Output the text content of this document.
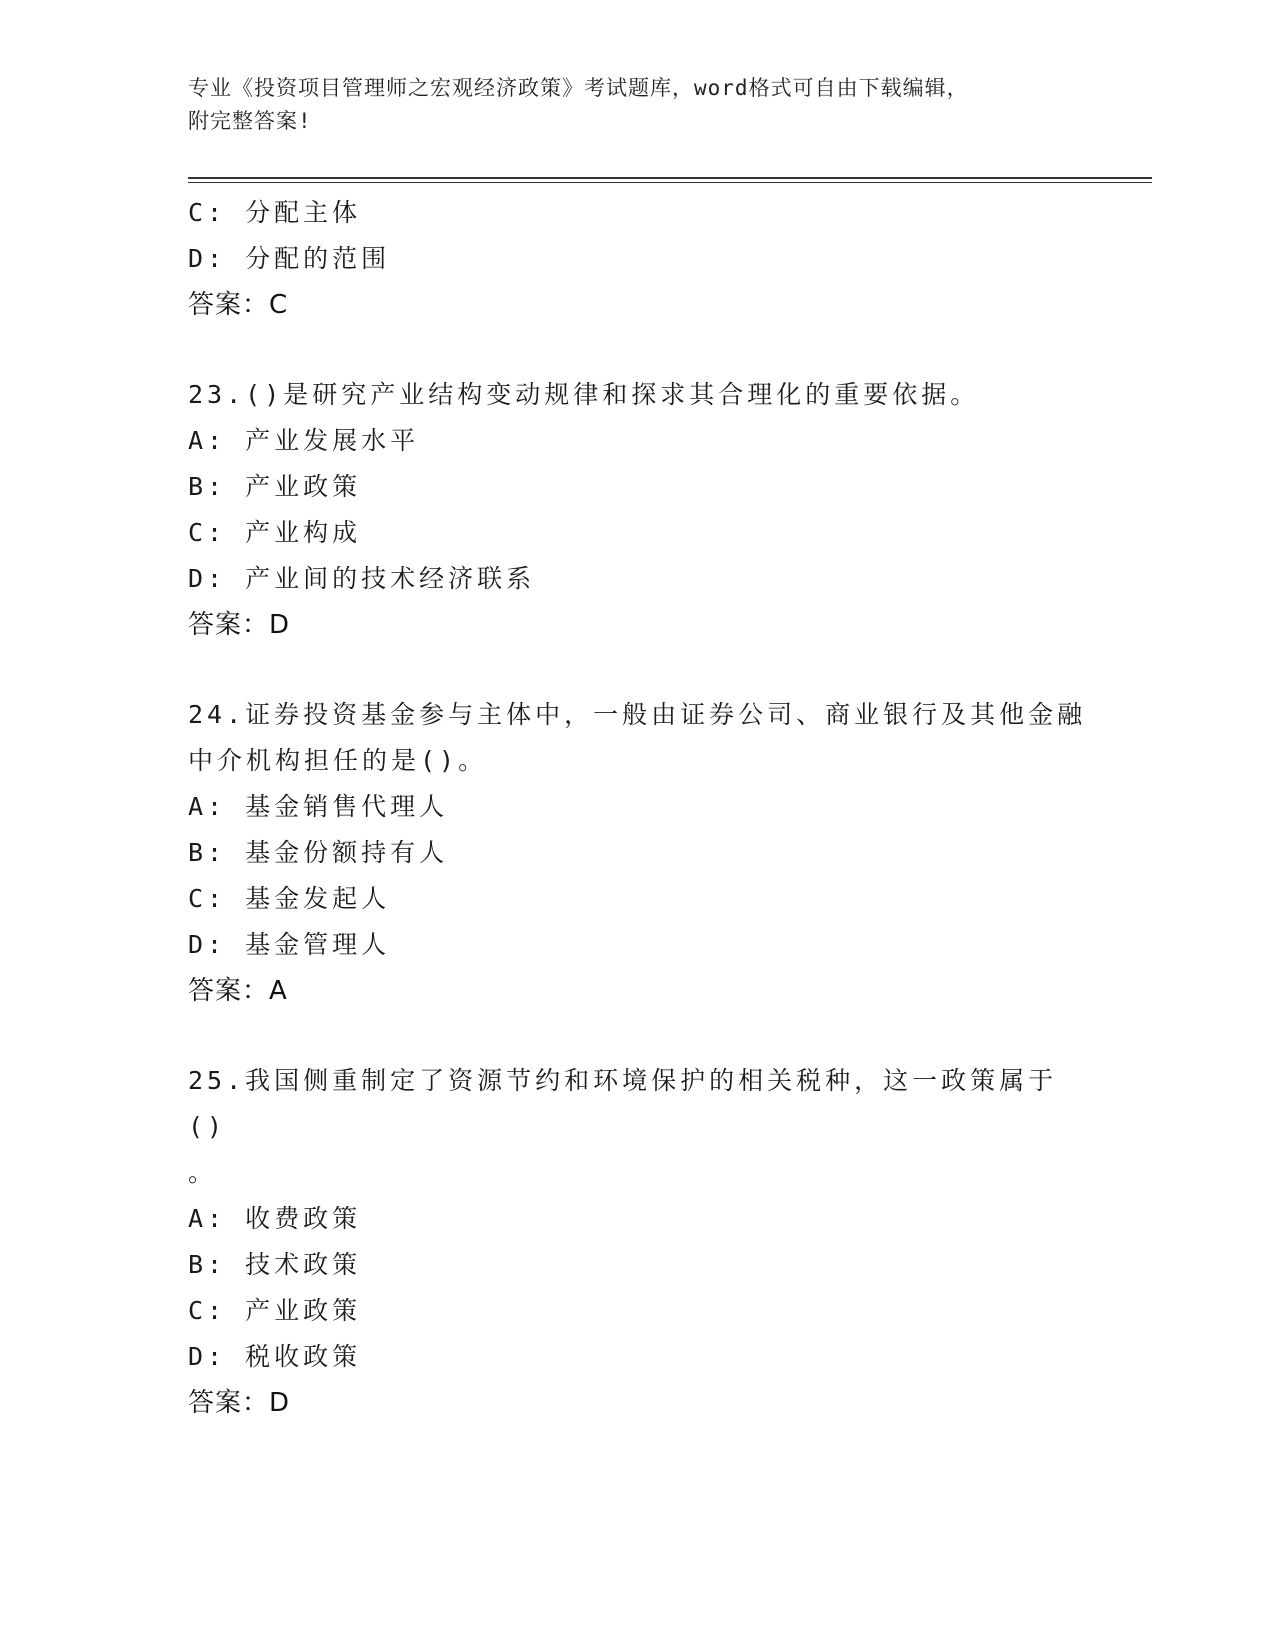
专业《投资项目管理师之宏观经济政策》考试题库，word格式可自由下载编辑，
附完整答案!
C: 分配主体
D: 分配的范围
答案：C
23.()是研究产业结构变动规律和探求其合理化的重要依据。
A: 产业发展水平
B: 产业政策
C: 产业构成
D: 产业间的技术经济联系
答案：D
24.证券投资基金参与主体中，一般由证券公司、商业银行及其他金融
中介机构担任的是()。
A: 基金销售代理人
B: 基金份额持有人
C: 基金发起人
D: 基金管理人
答案：A
25.我国侧重制定了资源节约和环境保护的相关税种，这一政策属于()
。
A: 收费政策
B: 技术政策
C: 产业政策
D: 税收政策
答案：D
